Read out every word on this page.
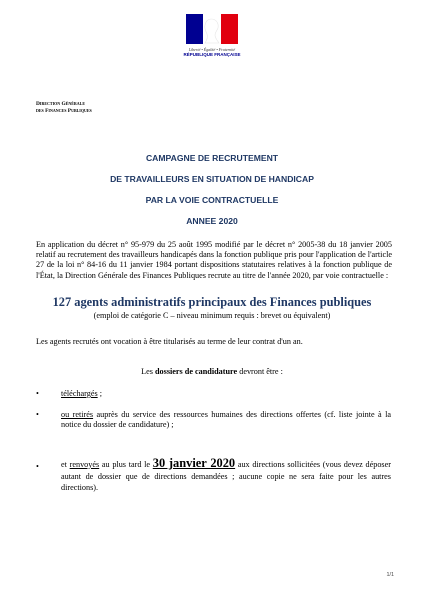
Liberté • Égalité • Fraternité
RÉPUBLIQUE FRANÇAISE
Direction Générale
des Finances Publiques
CAMPAGNE DE RECRUTEMENT
DE TRAVAILLEURS EN SITUATION DE HANDICAP
PAR LA VOIE CONTRACTUELLE
ANNEE 2020

En application du décret n° 95-979 du 25 août 1995 modifié par le décret n° 2005-38 du 18 janvier 2005 relatif au recrutement des travailleurs handicapés dans la fonction publique pris pour l'application de l'article 27 de la loi n° 84-16 du 11 janvier 1984 portant dispositions statutaires relatives à la fonction publique de l'État, la Direction Générale des Finances Publiques recrute au titre de l'année 2020, par voie contractuelle :

127 agents administratifs principaux des Finances publiques
(emploi de catégorie C – niveau minimum requis : brevet ou équivalent)
Les agents recrutés ont vocation à être titularisés au terme de leur contrat d'un an.
Les dossiers de candidature devront être :
•	téléchargés ;
•	ou retirés auprès du service des ressources humaines des directions offertes (cf. liste jointe à la notice du dossier de candidature) ;
•	et renvoyés au plus tard le 30 janvier 2020 aux directions sollicitées (vous devez déposer autant de dossier que de directions demandées ; aucune copie ne sera faite pour les autres directions).
1/1
